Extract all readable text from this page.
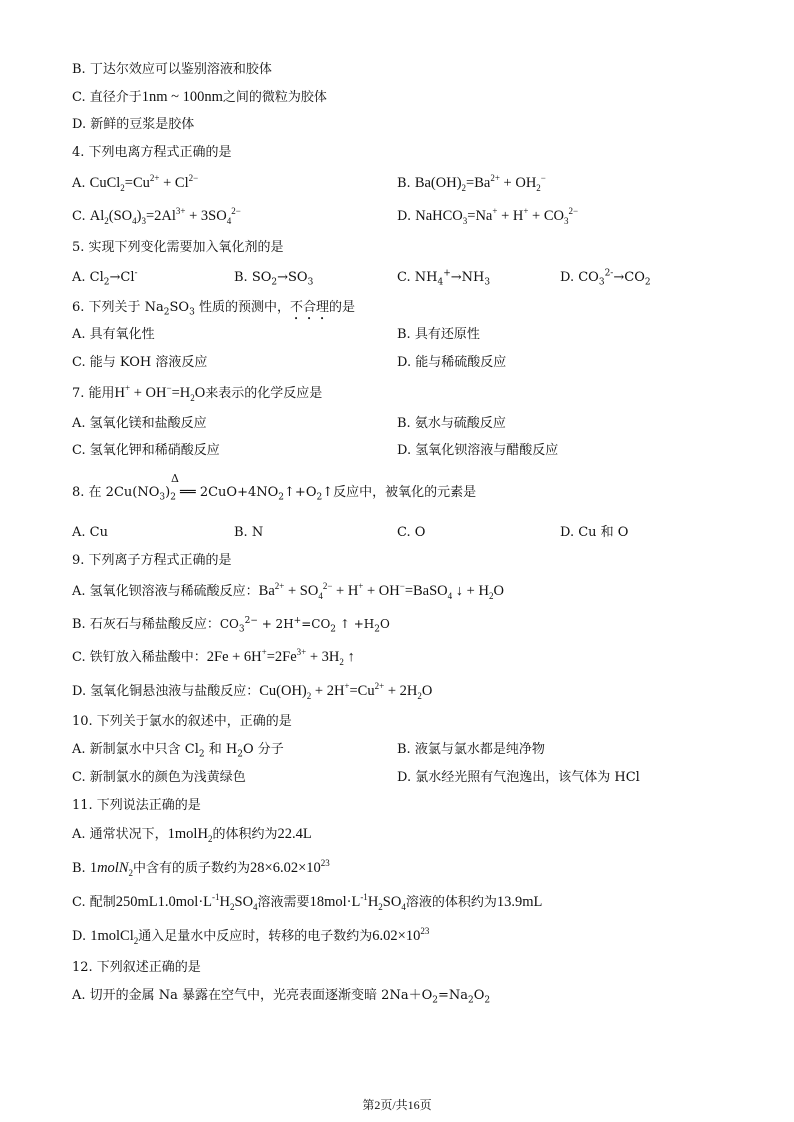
B. 丁达尔效应可以鉴别溶液和胶体
C. 直径介于1nm ~ 100nm之间的微粒为胶体
D. 新鲜的豆浆是胶体
4. 下列电离方程式正确的是
A. $CuCl_2=Cu^{2+} + Cl^{2-}$	B. $Ba(OH)_2=Ba^{2+} + OH_2^-$
C. $Al_2(SO_4)_3=2Al^{3+} + 3SO_4^{2-}$	D. NaHCO$_3$=Na+ + $H^+ + CO_3^{2-}$
5. 实现下列变化需要加入氧化剂的是
A. $Cl_2\to Cl^-$	B. $SO_2\to SO_3$	C. $NH_4^+\to NH_3$	D. $CO_3^{2-}\to CO_2$
6. 下列关于 $Na_2SO_3$ 性质的预测中，不合理的是
A. 具有氧化性	B. 具有还原性
C. 能与 KOH 溶液反应	D. 能与稀硫酸反应
7. 能用$H^+ + OH^-=H_2O$来表示的化学反应是
A. 氢氧化镁和盐酸反应	B. 氨水与硫酸反应
C. 氢氧化钾和稀硝酸反应	D. 氢氧化钡溶液与醋酸反应
Δ
8. 在 $2Cu(NO_3)_2$ ══ $2CuO+4NO_2↑+O_2↑$反应中，被氧化的元素是
A. Cu	B. N	C. O	D. Cu 和 O
9. 下列离子方程式正确的是
A. 氢氧化钡溶液与稀硫酸反应：$Ba^{2+} + SO_4^{2-} + H^+$ + OH−=BaSO$_4$ ↓ + $H_2O$
B. 石灰石与稀盐酸反应：$CO_3^{2-} + 2H^+=CO_2$ ↑ $+H_2O$
C. 铁钉放入稀盐酸中：$2Fe + 6H^+=2Fe^{3+} + 3H_2$ ↑
D. 氢氧化铜悬浊液与盐酸反应：$Cu(OH)_2 + 2H^+=Cu^{2+} + 2H_2O$
10. 下列关于氯水的叙述中，正确的是
A. 新制氯水中只含 $Cl_2$ 和 $H_2O$ 分子	B. 液氯与氯水都是纯净物
C. 新制氯水的颜色为浅黄绿色	D. 氯水经光照有气泡逸出，该气体为 HCl
11. 下列说法正确的是
A. 通常状况下，1molH$_2$的体积约为22.4L
B. 1molN$_2$中含有的质子数约为$28\times 6.02\times 10^{23}$
C. 配制$250mL1.0mol\cdot L^{-1}H_2SO_4$溶液需要$18mol\cdot L^{-1}H_2SO_4$溶液的体积约为13.9mL
D. 1molCl$_2$通入足量水中反应时，转移的电子数约为$6.02\times 10^{23}$
12. 下列叙述正确的是
A. 切开的金属 Na 暴露在空气中，光亮表面逐渐变暗 $2Na+O_2=Na_2O_2$
第2页/共16页
